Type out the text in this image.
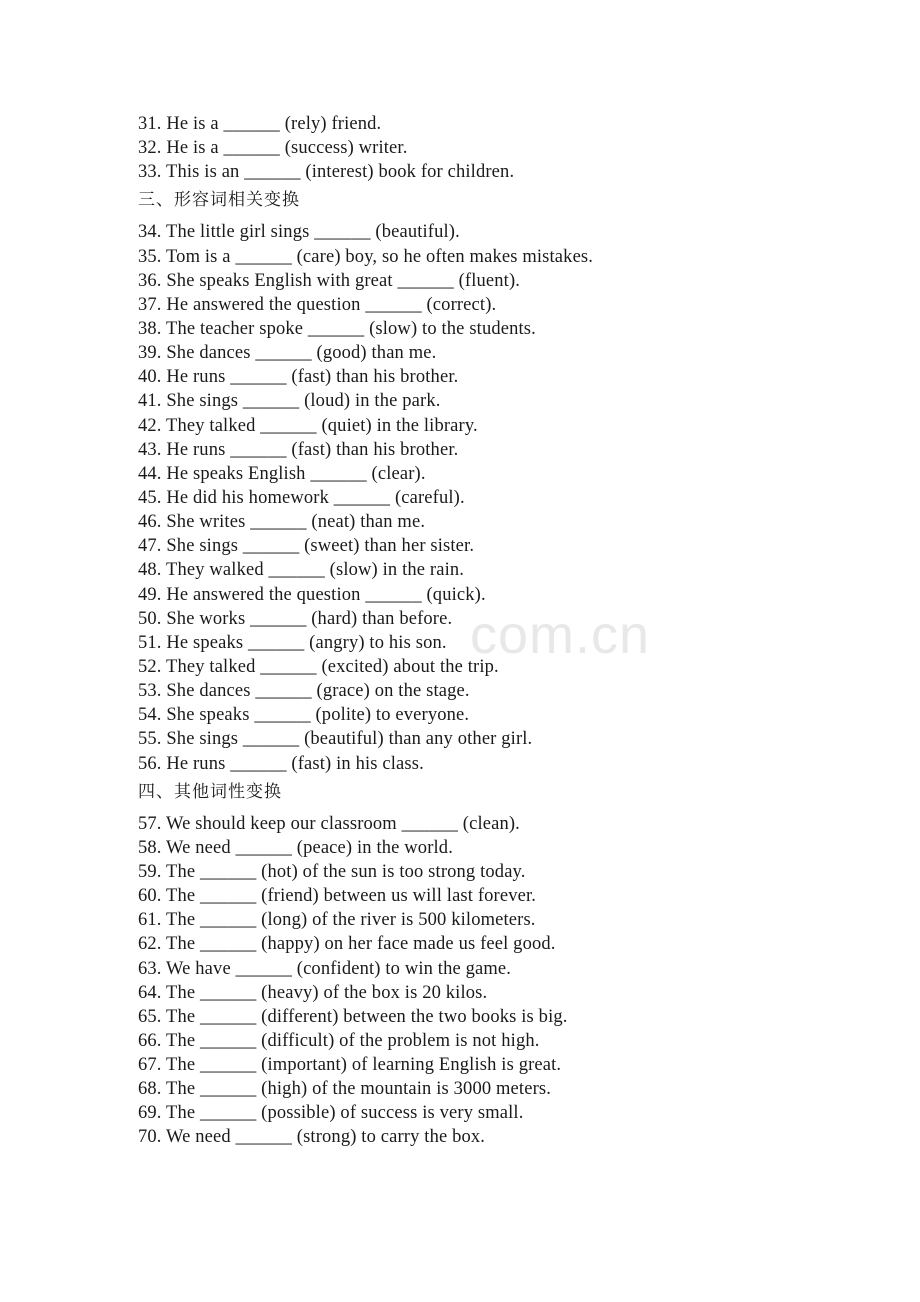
31. He is a ______ (rely) friend.
32. He is a ______ (success) writer.
33. This is an ______ (interest) book for children.
三、形容词相关变换
34. The little girl sings ______ (beautiful).
35. Tom is a ______ (care) boy, so he often makes mistakes.
36. She speaks English with great ______ (fluent).
37. He answered the question ______ (correct).
38. The teacher spoke ______ (slow) to the students.
39. She dances ______ (good) than me.
40. He runs ______ (fast) than his brother.
41. She sings ______ (loud) in the park.
42. They talked ______ (quiet) in the library.
43. He runs ______ (fast) than his brother.
44. He speaks English ______ (clear).
45. He did his homework ______ (careful).
46. She writes ______ (neat) than me.
47. She sings ______ (sweet) than her sister.
48. They walked ______ (slow) in the rain.
49. He answered the question ______ (quick).
50. She works ______ (hard) than before.
51. He speaks ______ (angry) to his son.
52. They talked ______ (excited) about the trip.
53. She dances ______ (grace) on the stage.
54. She speaks ______ (polite) to everyone.
55. She sings ______ (beautiful) than any other girl.
56. He runs ______ (fast) in his class.
四、其他词性变换
57. We should keep our classroom ______ (clean).
58. We need ______ (peace) in the world.
59. The ______ (hot) of the sun is too strong today.
60. The ______ (friend) between us will last forever.
61. The ______ (long) of the river is 500 kilometers.
62. The ______ (happy) on her face made us feel good.
63. We have ______ (confident) to win the game.
64. The ______ (heavy) of the box is 20 kilos.
65. The ______ (different) between the two books is big.
66. The ______ (difficult) of the problem is not high.
67. The ______ (important) of learning English is great.
68. The ______ (high) of the mountain is 3000 meters.
69. The ______ (possible) of success is very small.
70. We need ______ (strong) to carry the box.
com.cn
